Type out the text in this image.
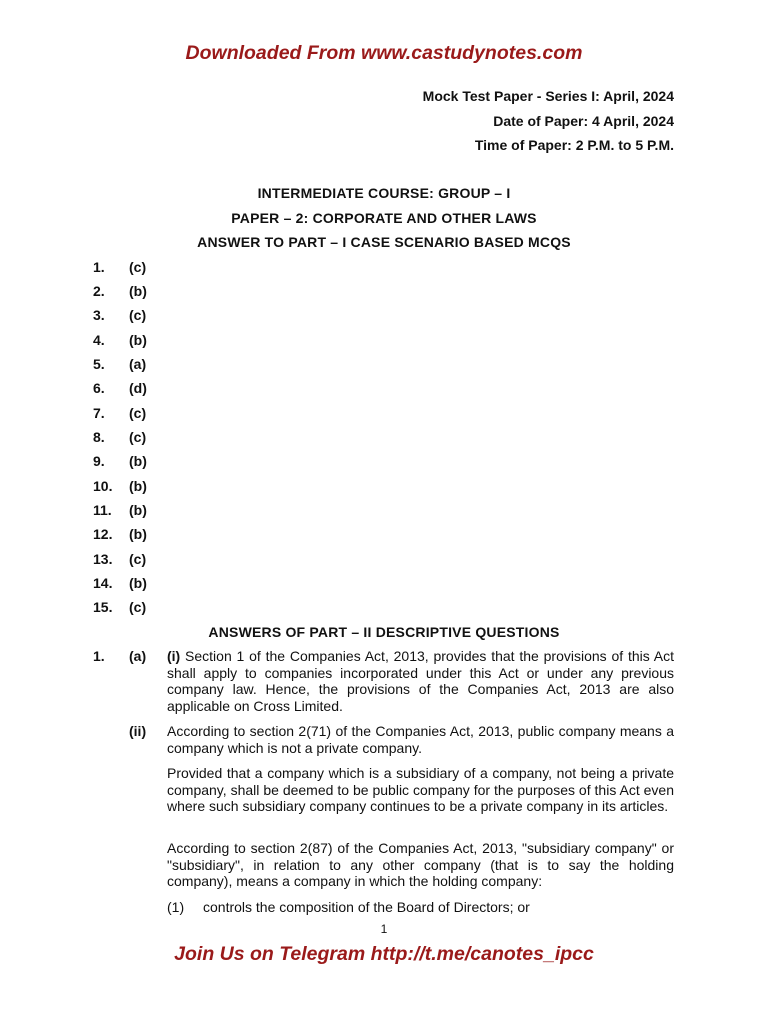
Downloaded From www.castudynotes.com
Mock Test Paper - Series I: April, 2024
Date of Paper: 4 April, 2024
Time of Paper: 2 P.M. to 5 P.M.
INTERMEDIATE COURSE: GROUP – I
PAPER – 2: CORPORATE AND OTHER LAWS
ANSWER TO PART – I CASE SCENARIO BASED MCQS
1. (c)
2. (b)
3. (c)
4. (b)
5. (a)
6. (d)
7. (c)
8. (c)
9. (b)
10. (b)
11. (b)
12. (b)
13. (c)
14. (b)
15. (c)
ANSWERS OF PART – II DESCRIPTIVE QUESTIONS
1. (a) (i) Section 1 of the Companies Act, 2013, provides that the provisions of this Act shall apply to companies incorporated under this Act or under any previous company law. Hence, the provisions of the Companies Act, 2013 are also applicable on Cross Limited.
(ii) According to section 2(71) of the Companies Act, 2013, public company means a company which is not a private company.
Provided that a company which is a subsidiary of a company, not being a private company, shall be deemed to be public company for the purposes of this Act even where such subsidiary company continues to be a private company in its articles.
According to section 2(87) of the Companies Act, 2013, "subsidiary company" or "subsidiary", in relation to any other company (that is to say the holding company), means a company in which the holding company:
(1) controls the composition of the Board of Directors; or
1
Join Us on Telegram http://t.me/canotes_ipcc
